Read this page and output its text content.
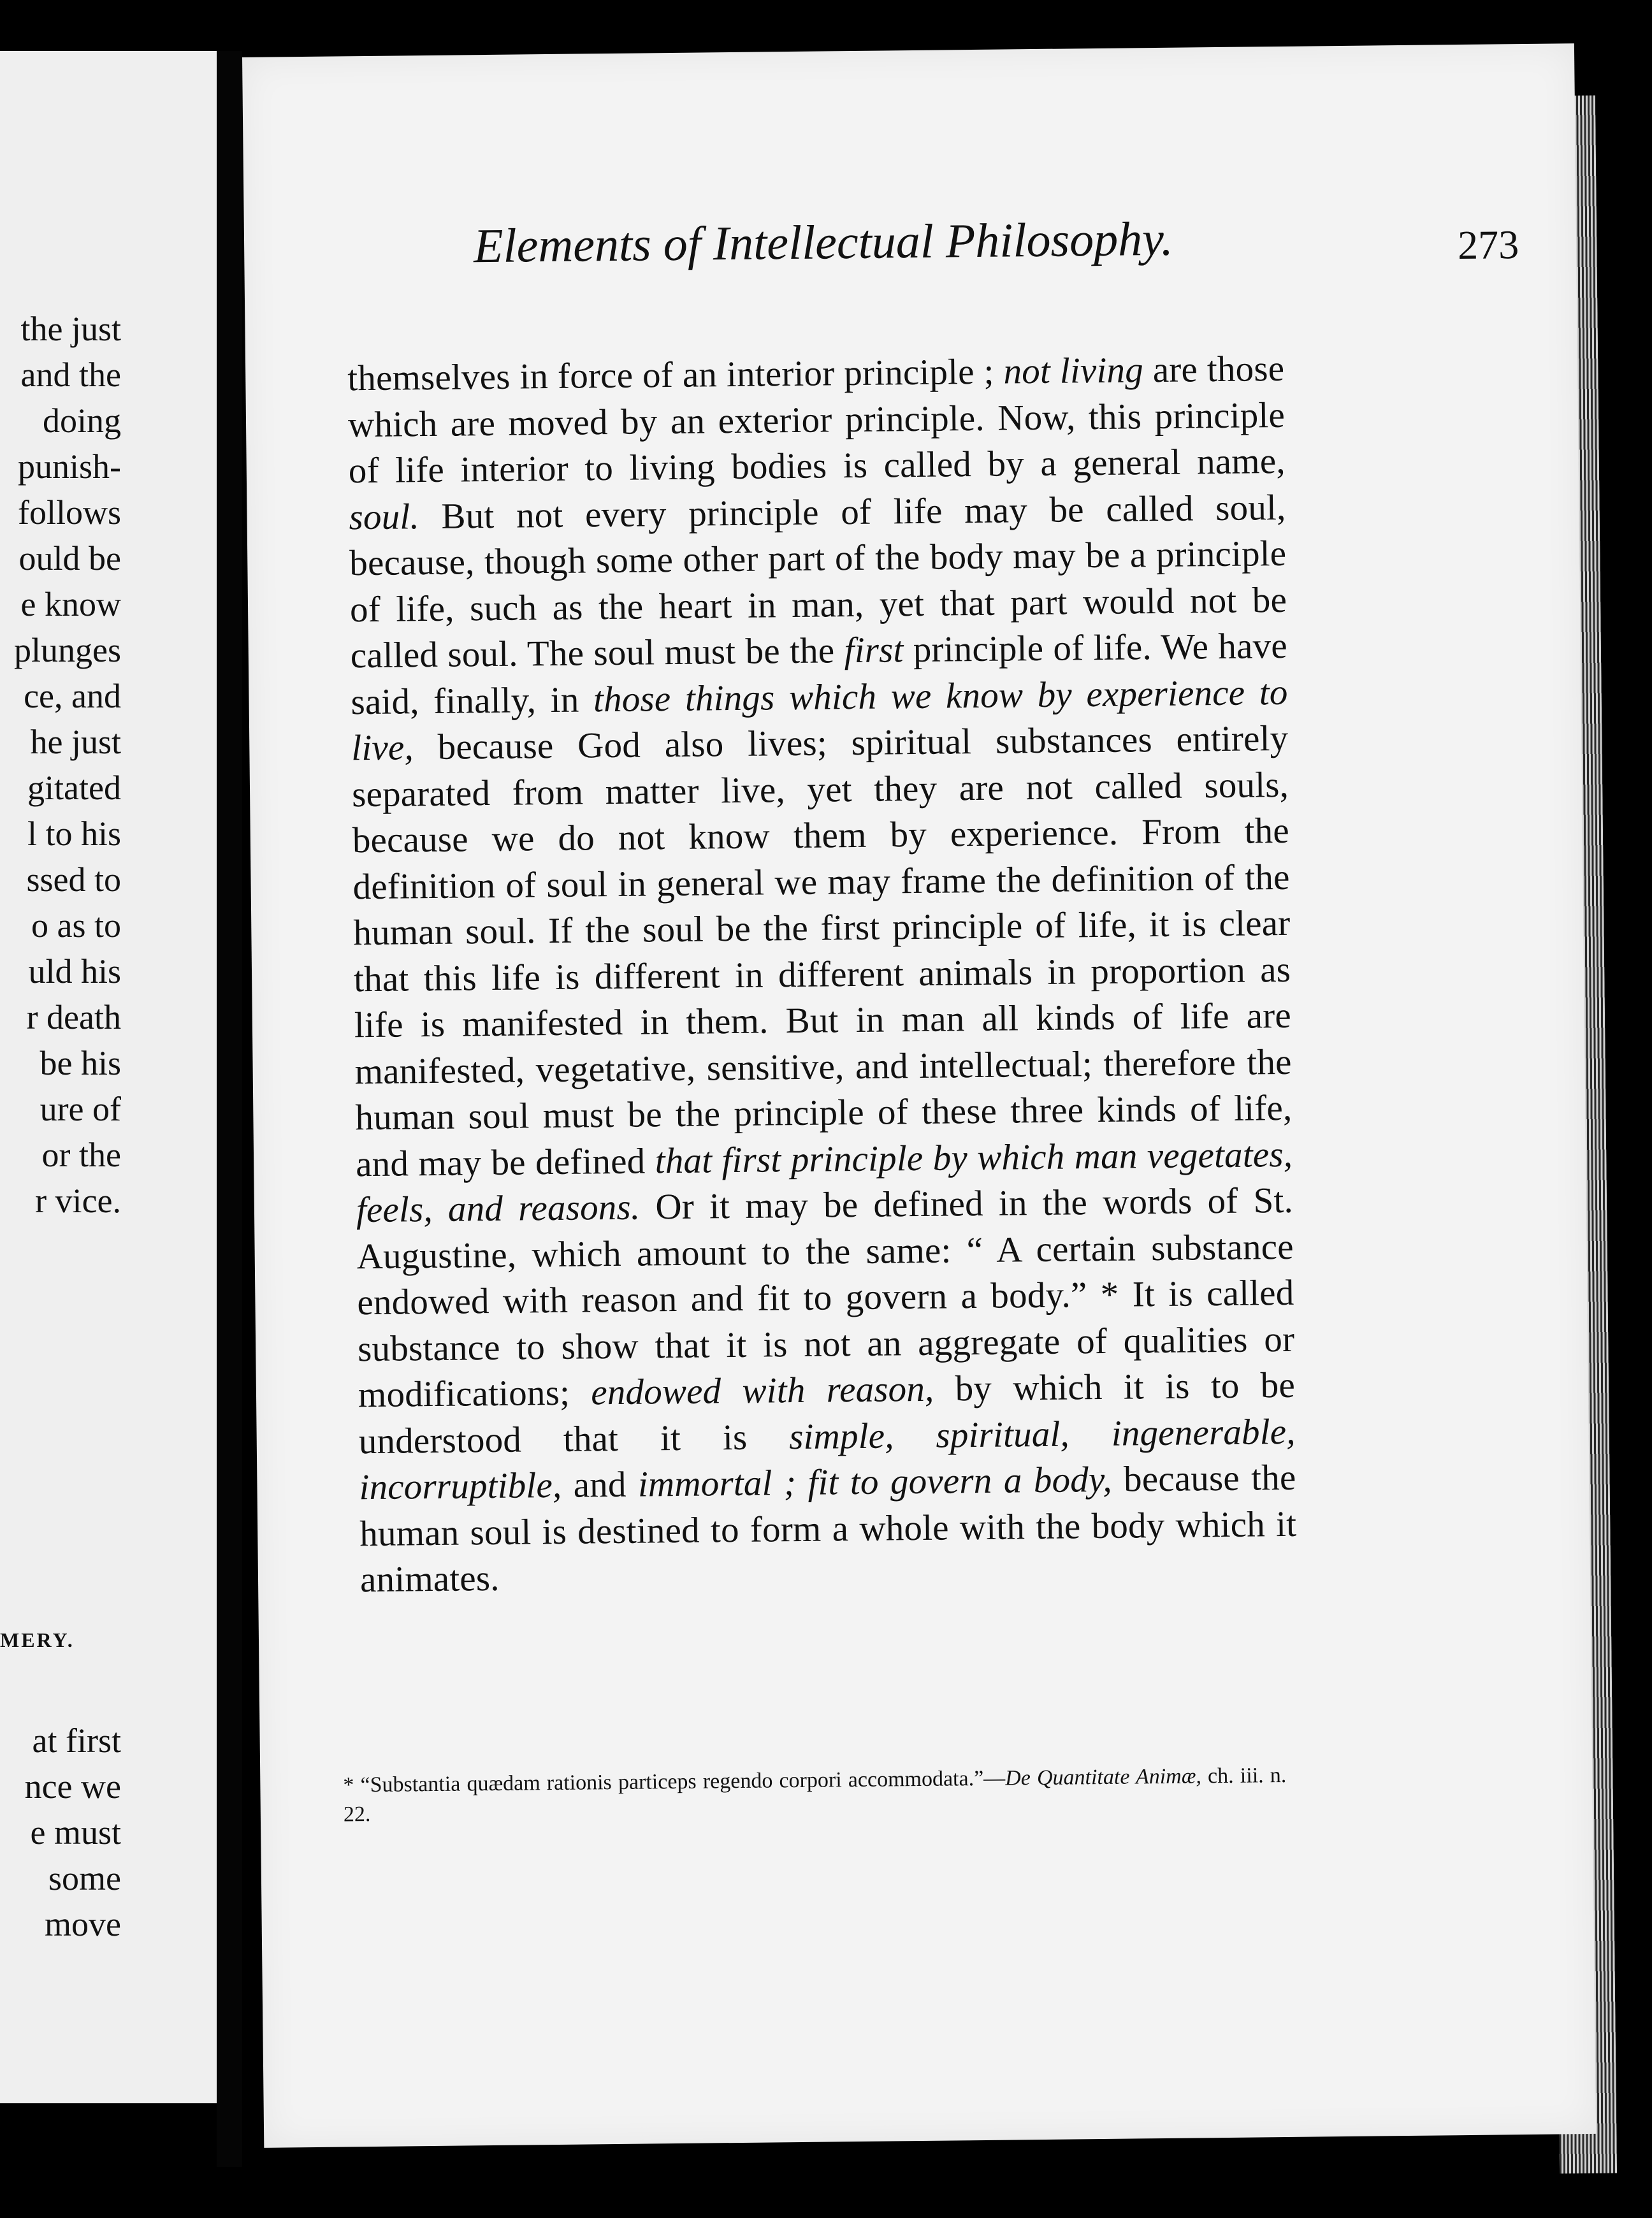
the just
and the
doing
punish-
follows
ould be
e know
plunges
ce, and
he just
gitated
l to his
ssed to
o as to
uld his
r death
be his
ure of
or the
r vice.
MERY.
at first
nce we
e must
some
move
Elements of Intellectual Philosophy.	273

themselves in force of an interior principle ; not living are those which are moved by an exterior principle. Now, this principle of life interior to living bodies is called by a general name, soul. But not every principle of life may be called soul, because, though some other part of the body may be a principle of life, such as the heart in man, yet that part would not be called soul. The soul must be the first principle of life. We have said, finally, in those things which we know by experience to live, because God also lives; spiritual substances entirely separated from matter live, yet they are not called souls, because we do not know them by experience. From the definition of soul in general we may frame the definition of the human soul. If the soul be the first principle of life, it is clear that this life is different in different animals in proportion as life is manifested in them. But in man all kinds of life are manifested, vegetative, sensitive, and intellectual; therefore the human soul must be the principle of these three kinds of life, and may be defined that first principle by which man vegetates, feels, and reasons. Or it may be defined in the words of St. Augustine, which amount to the same: “ A certain substance endowed with reason and fit to govern a body.” * It is called substance to show that it is not an aggregate of qualities or modifications; endowed with reason, by which it is to be understood that it is simple, spiritual, ingenerable, incorruptible, and immortal ; fit to govern a body, because the human soul is destined to form a whole with the body which it animates.

* “Substantia quædam rationis particeps regendo corpori accommodata.”—De Quantitate Animæ, ch. iii. n. 22.
